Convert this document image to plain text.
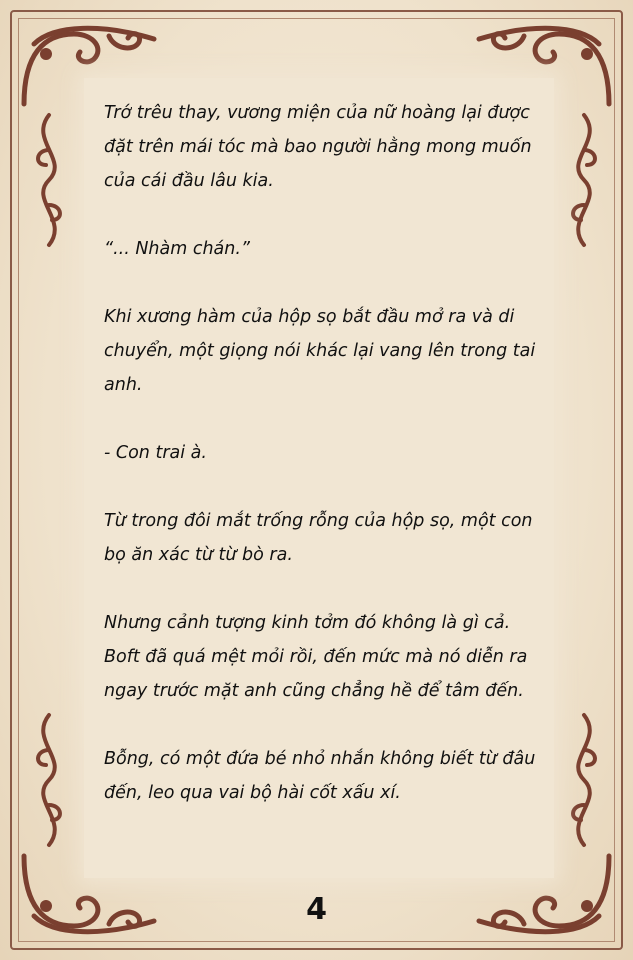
Trớ trêu thay, vương miện của nữ hoàng lại được đặt trên mái tóc mà bao người hằng mong muốn của cái đầu lâu kia.

“... Nhàm chán.”

Khi xương hàm của hộp sọ bắt đầu mở ra và di chuyển, một giọng nói khác lại vang lên trong tai anh.

- Con trai à.

Từ trong đôi mắt trống rỗng của hộp sọ, một con bọ ăn xác từ từ bò ra.

Nhưng cảnh tượng kinh tởm đó không là gì cả. Boft đã quá mệt mỏi rồi, đến mức mà nó diễn ra ngay trước mặt anh cũng chẳng hề để tâm đến.

Bỗng, có một đứa bé nhỏ nhắn không biết từ đâu đến, leo qua vai bộ hài cốt xấu xí.

4
